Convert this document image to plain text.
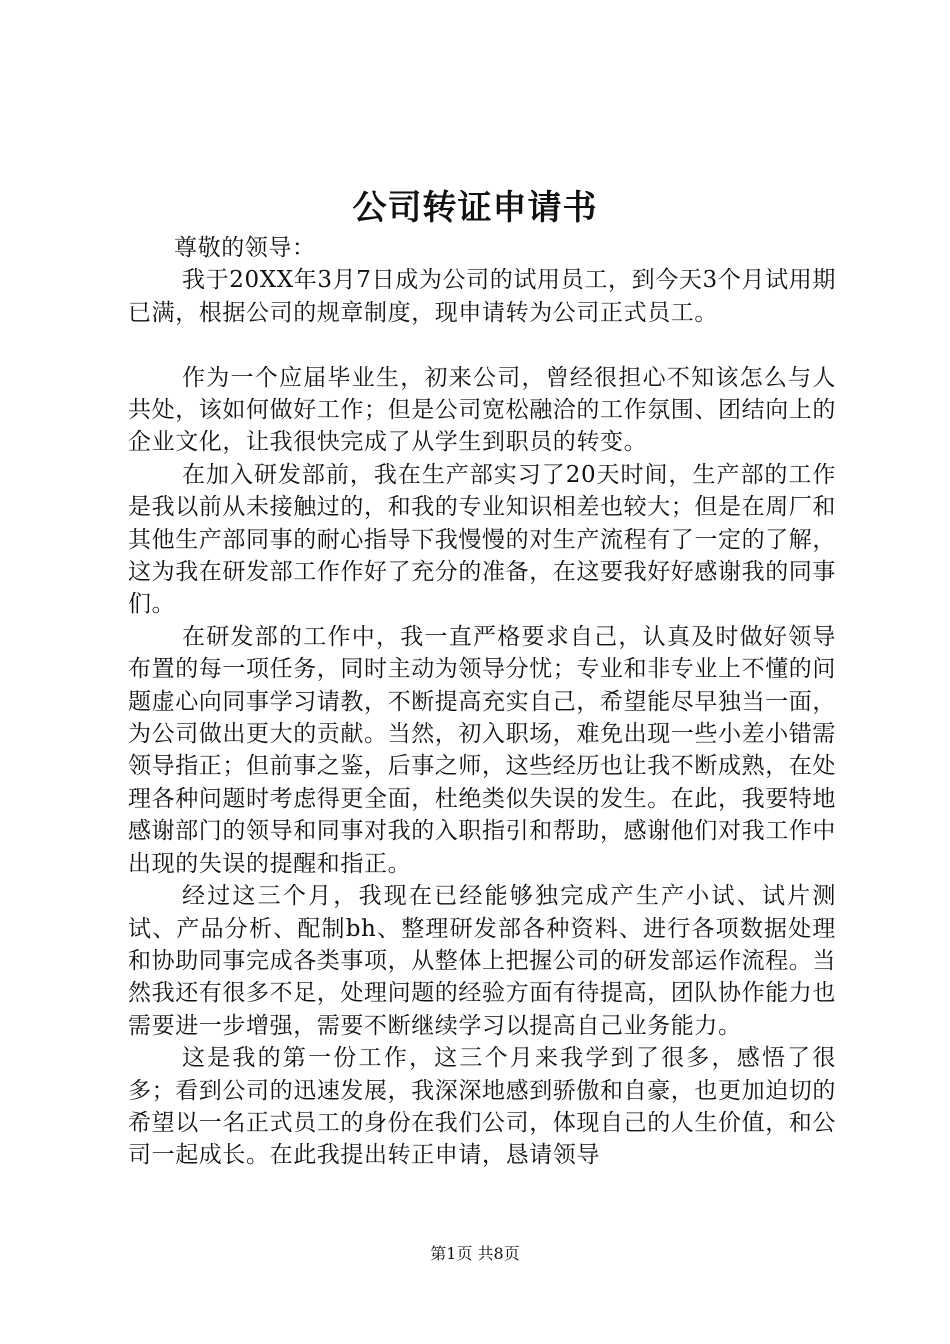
公司转证申请书

尊敬的领导：

我于20XX年3月7日成为公司的试用员工，到今天3个月试用期已满，根据公司的规章制度，现申请转为公司正式员工。

作为一个应届毕业生，初来公司，曾经很担心不知该怎么与人共处，该如何做好工作；但是公司宽松融洽的工作氛围、团结向上的企业文化，让我很快完成了从学生到职员的转变。

在加入研发部前，我在生产部实习了20天时间，生产部的工作是我以前从未接触过的，和我的专业知识相差也较大；但是在周厂和其他生产部同事的耐心指导下我慢慢的对生产流程有了一定的了解，这为我在研发部工作作好了充分的准备，在这要我好好感谢我的同事们。

在研发部的工作中，我一直严格要求自己，认真及时做好领导布置的每一项任务，同时主动为领导分忧；专业和非专业上不懂的问题虚心向同事学习请教，不断提高充实自己，希望能尽早独当一面，为公司做出更大的贡献。当然，初入职场，难免出现一些小差小错需领导指正；但前事之鉴，后事之师，这些经历也让我不断成熟，在处理各种问题时考虑得更全面，杜绝类似失误的发生。在此，我要特地感谢部门的领导和同事对我的入职指引和帮助，感谢他们对我工作中出现的失误的提醒和指正。

经过这三个月，我现在已经能够独完成产生产小试、试片测试、产品分析、配制bh、整理研发部各种资料、进行各项数据处理和协助同事完成各类事项，从整体上把握公司的研发部运作流程。当然我还有很多不足，处理问题的经验方面有待提高，团队协作能力也需要进一步增强，需要不断继续学习以提高自己业务能力。

这是我的第一份工作，这三个月来我学到了很多，感悟了很多；看到公司的迅速发展，我深深地感到骄傲和自豪，也更加迫切的希望以一名正式员工的身份在我们公司，体现自己的人生价值，和公司一起成长。在此我提出转正申请，恳请领导

第1页 共8页
